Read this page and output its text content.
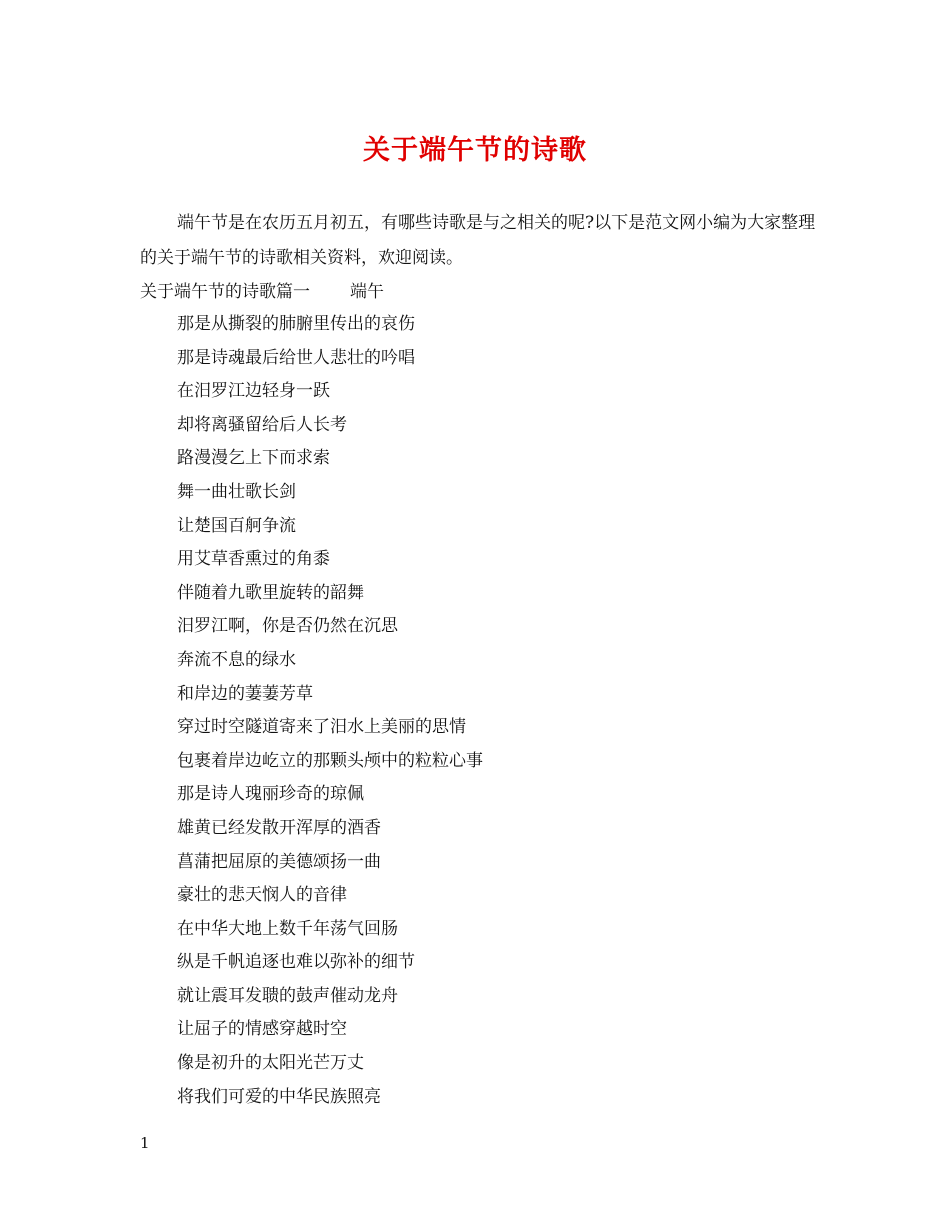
关于端午节的诗歌
端午节是在农历五月初五，有哪些诗歌是与之相关的呢?以下是范文网小编为大家整理的关于端午节的诗歌相关资料，欢迎阅读。
关于端午节的诗歌篇一 端午
那是从撕裂的肺腑里传出的哀伤
那是诗魂最后给世人悲壮的吟唱
在汨罗江边轻身一跃
却将离骚留给后人长考
路漫漫乞上下而求索
舞一曲壮歌长剑
让楚国百舸争流
用艾草香熏过的角黍
伴随着九歌里旋转的韶舞
汨罗江啊，你是否仍然在沉思
奔流不息的绿水
和岸边的萋萋芳草
穿过时空隧道寄来了汨水上美丽的思情
包裹着岸边屹立的那颗头颅中的粒粒心事
那是诗人瑰丽珍奇的琼佩
雄黄已经发散开浑厚的酒香
菖蒲把屈原的美德颂扬一曲
豪壮的悲天悯人的音律
在中华大地上数千年荡气回肠
纵是千帆追逐也难以弥补的细节
就让震耳发聩的鼓声催动龙舟
让屈子的情感穿越时空
像是初升的太阳光芒万丈
将我们可爱的中华民族照亮
1
